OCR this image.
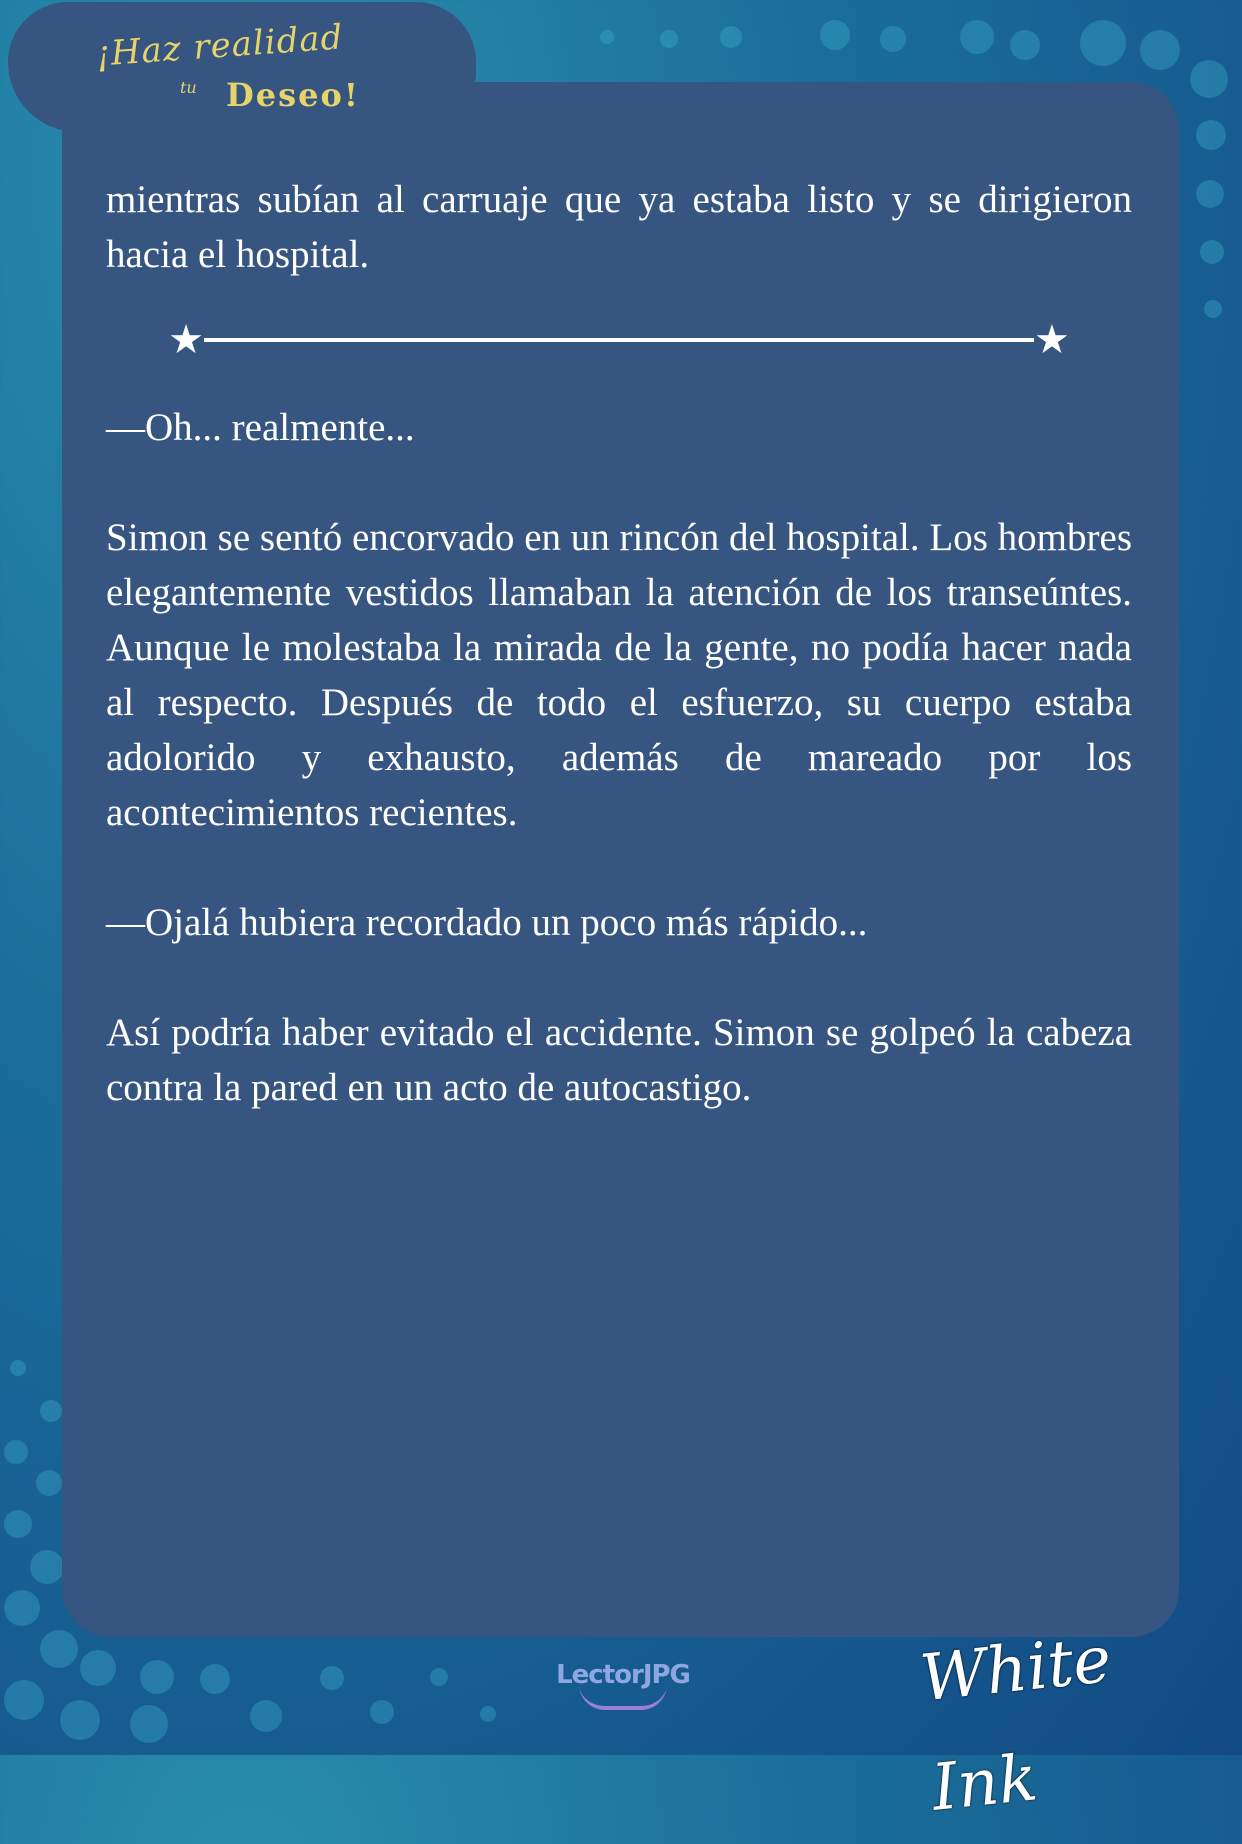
¡Haz realidad
tu Deseo!

mientras subían al carruaje que ya estaba listo y se dirigieron hacia el hospital.

★	★

—Oh... realmente...

Simon se sentó encorvado en un rincón del hospital. Los hombres elegantemente vestidos llamaban la atención de los transeúntes. Aunque le molestaba la mirada de la gente, no podía hacer nada al respecto. Después de todo el esfuerzo, su cuerpo estaba adolorido y exhausto, además de mareado por los acontecimientos recientes.

—Ojalá hubiera recordado un poco más rápido...

Así podría haber evitado el accidente. Simon se golpeó la cabeza contra la pared en un acto de autocastigo.

LectorJPG	White Ink
